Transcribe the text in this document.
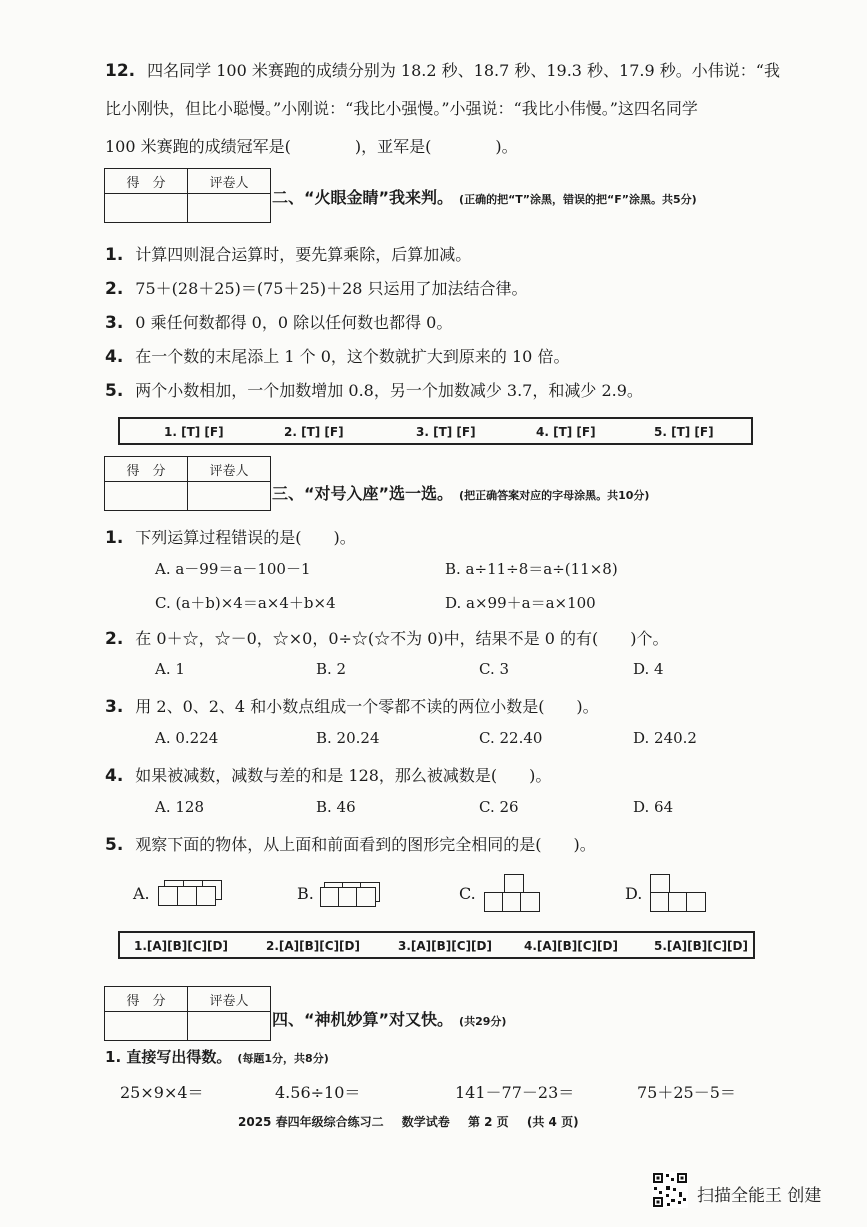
12. 四名同学 100 米赛跑的成绩分别为 18.2 秒、18.7 秒、19.3 秒、17.9 秒。小伟说：“我
比小刚快，但比小聪慢。”小刚说：“我比小强慢。”小强说：“我比小伟慢。”这四名同学
100 米赛跑的成绩冠军是(　　　　)，亚军是(　　　　)。
得　分	评卷人

二、“火眼金睛”我来判。 (正确的把“T”涂黑，错误的把“F”涂黑。共5分)
1. 计算四则混合运算时，要先算乘除，后算加减。
2. 75＋(28＋25)＝(75＋25)＋28 只运用了加法结合律。
3. 0 乘任何数都得 0，0 除以任何数也都得 0。
4. 在一个数的末尾添上 1 个 0，这个数就扩大到原来的 10 倍。
5. 两个小数相加，一个加数增加 0.8，另一个加数减少 3.7，和减少 2.9。
1. [T] [F]	2. [T] [F]	3. [T] [F]	4. [T] [F]	5. [T] [F]
得　分	评卷人

三、“对号入座”选一选。 (把正确答案对应的字母涂黑。共10分)
1. 下列运算过程错误的是(　　)。
A. a－99＝a－100－1	B. a÷11÷8＝a÷(11×8)
C. (a＋b)×4＝a×4＋b×4	D. a×99＋a＝a×100
2. 在 0＋☆，☆－0，☆×0，0÷☆(☆不为 0)中，结果不是 0 的有(　　)个。
A. 1	B. 2	C. 3	D. 4
3. 用 2、0、2、4 和小数点组成一个零都不读的两位小数是(　　)。
A. 0.224	B. 20.24	C. 22.40	D. 240.2
4. 如果被减数，减数与差的和是 128，那么被减数是(　　)。
A. 128	B. 46	C. 26	D. 64
5. 观察下面的物体，从上面和前面看到的图形完全相同的是(　　)。
A.	B.	C.	D.
1.[A][B][C][D]	2.[A][B][C][D]	3.[A][B][C][D]	4.[A][B][C][D]	5.[A][B][C][D]
得　分	评卷人

四、“神机妙算”对又快。 (共29分)
1. 直接写出得数。 (每题1分，共8分)
25×9×4＝	4.56÷10＝	141－77－23＝	75＋25－5＝
2025 春四年级综合练习二 数学试卷 第 2 页 (共 4 页)
扫描全能王 创建
